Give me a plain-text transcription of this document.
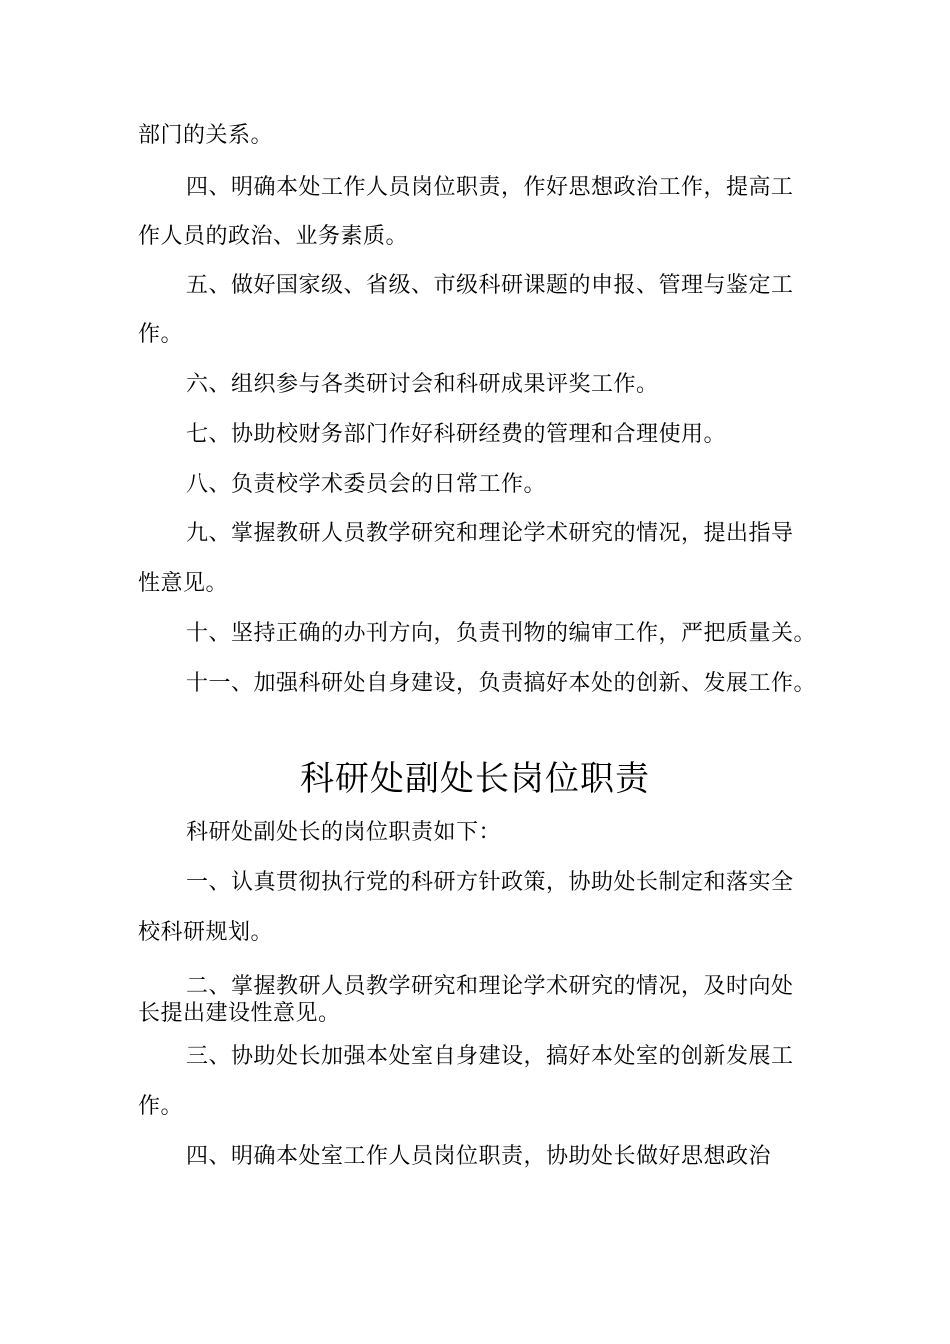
部门的关系。
四、明确本处工作人员岗位职责，作好思想政治工作，提高工
作人员的政治、业务素质。
五、做好国家级、省级、市级科研课题的申报、管理与鉴定工
作。
六、组织参与各类研讨会和科研成果评奖工作。
七、协助校财务部门作好科研经费的管理和合理使用。
八、负责校学术委员会的日常工作。
九、掌握教研人员教学研究和理论学术研究的情况，提出指导
性意见。
十、坚持正确的办刊方向，负责刊物的编审工作，严把质量关。
十一、加强科研处自身建设，负责搞好本处的创新、发展工作。
科研处副处长岗位职责
科研处副处长的岗位职责如下：
一、认真贯彻执行党的科研方针政策，协助处长制定和落实全
校科研规划。
二、掌握教研人员教学研究和理论学术研究的情况，及时向处
长提出建设性意见。
三、协助处长加强本处室自身建设，搞好本处室的创新发展工
作。
四、明确本处室工作人员岗位职责，协助处长做好思想政治
